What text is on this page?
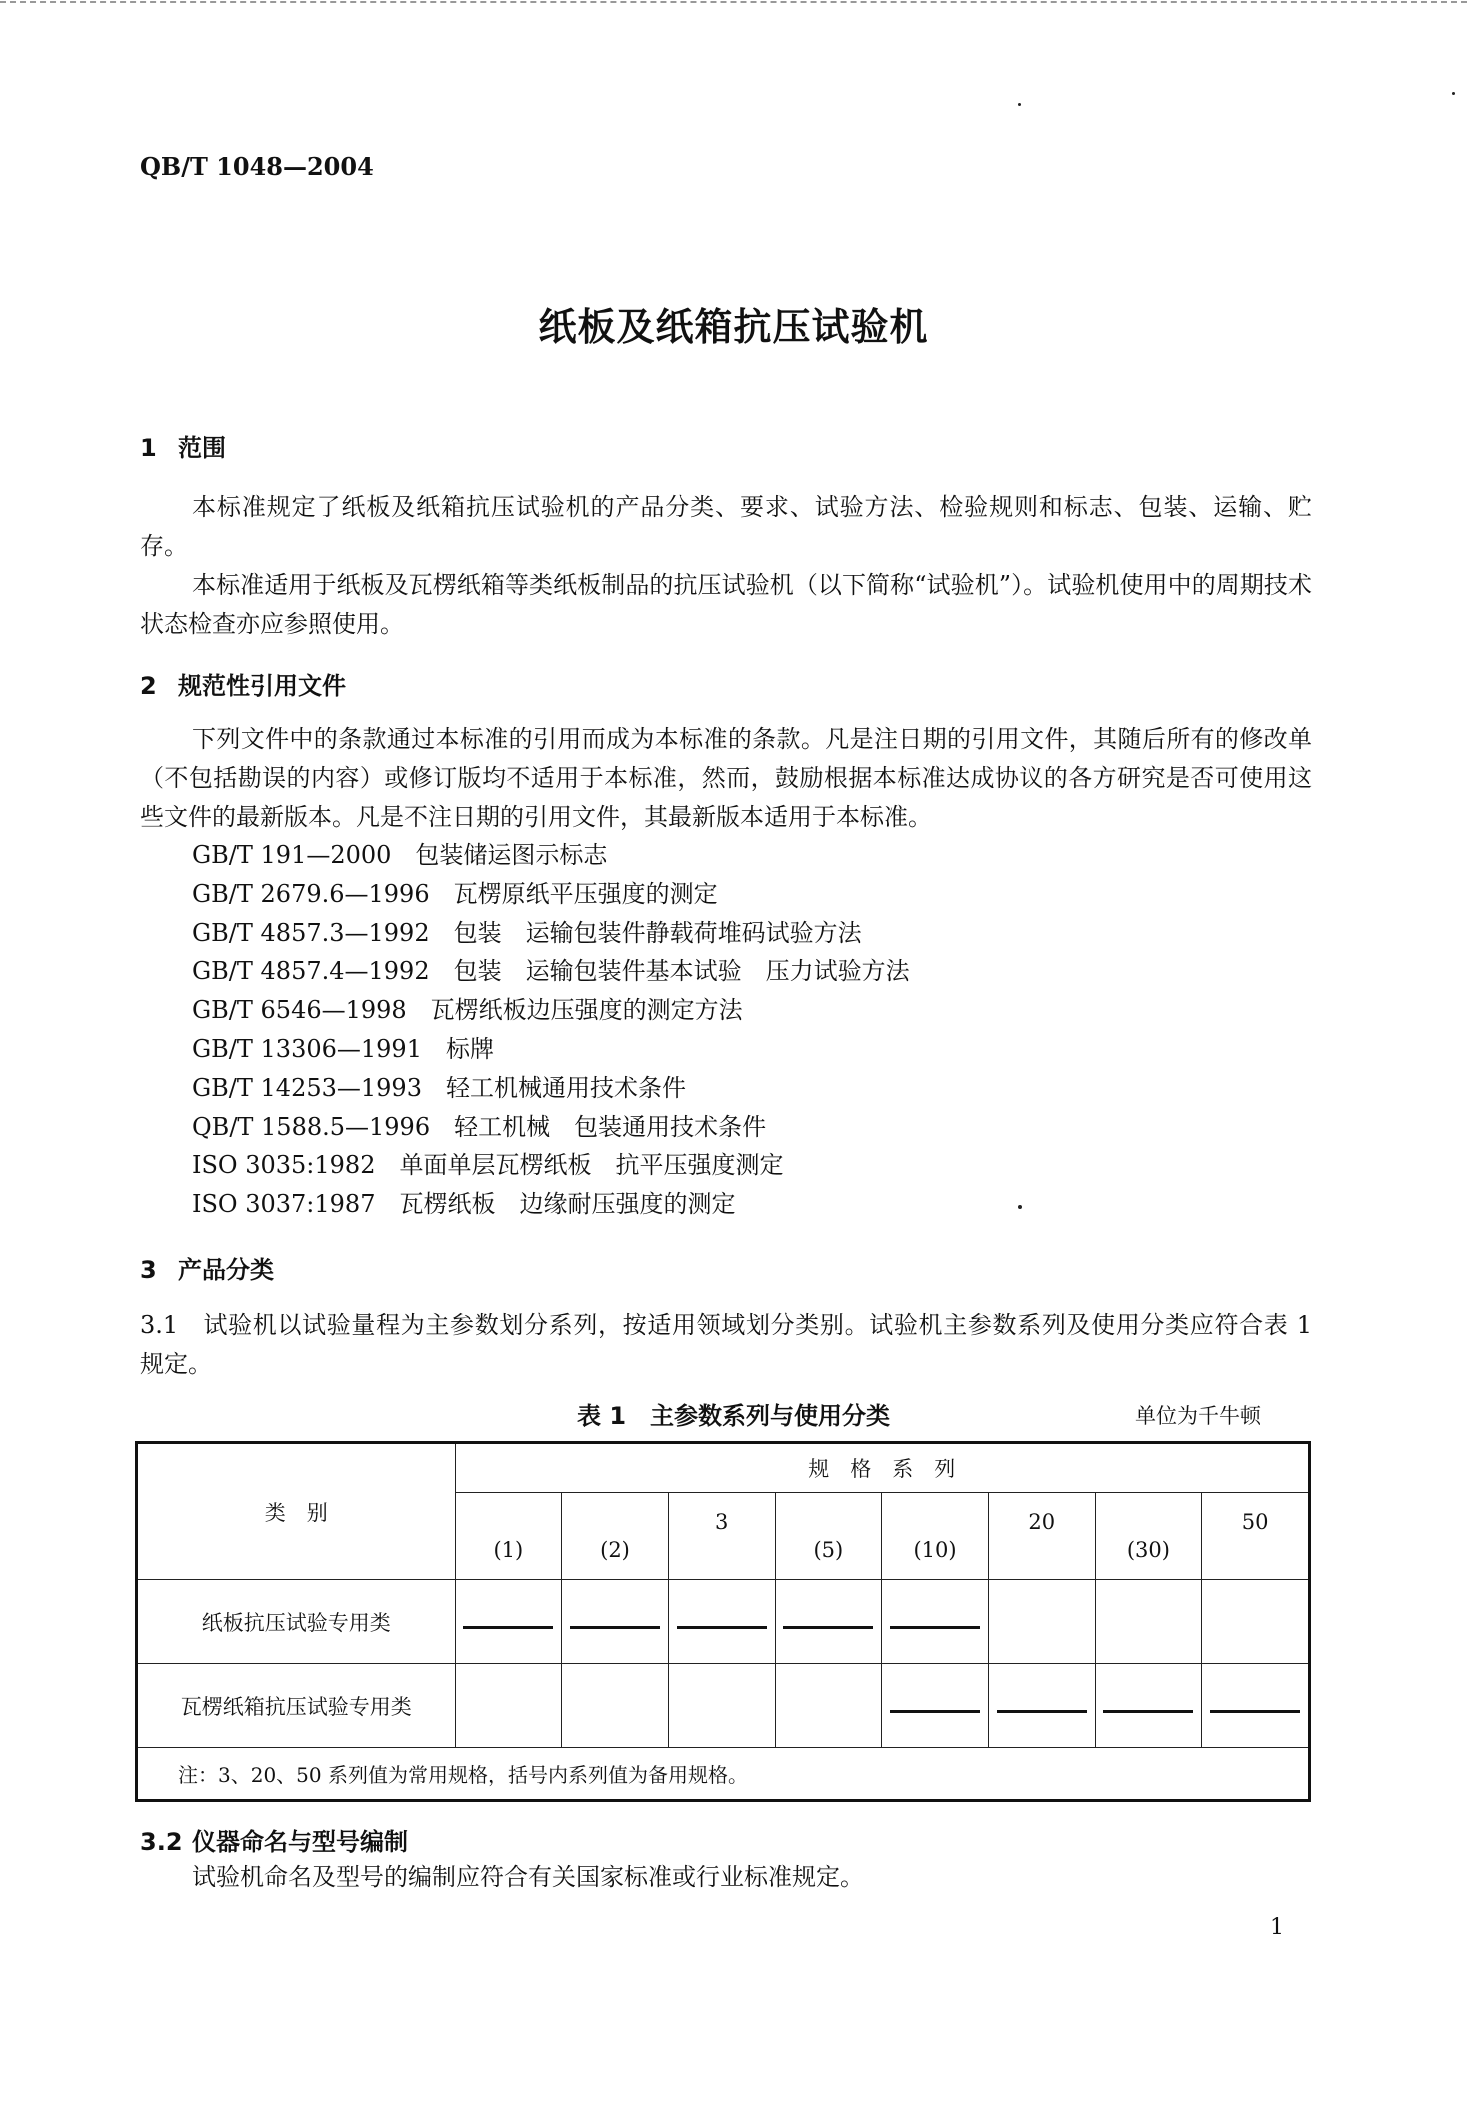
QB/T 1048—2004
纸板及纸箱抗压试验机
1 范围
本标准规定了纸板及纸箱抗压试验机的产品分类、要求、试验方法、检验规则和标志、包装、运输、贮存。
本标准适用于纸板及瓦楞纸箱等类纸板制品的抗压试验机（以下简称“试验机”）。试验机使用中的周期技术状态检查亦应参照使用。
2 规范性引用文件
下列文件中的条款通过本标准的引用而成为本标准的条款。凡是注日期的引用文件，其随后所有的修改单（不包括勘误的内容）或修订版均不适用于本标准，然而，鼓励根据本标准达成协议的各方研究是否可使用这些文件的最新版本。凡是不注日期的引用文件，其最新版本适用于本标准。
GB/T 191—2000　包装储运图示标志
GB/T 2679.6—1996　瓦楞原纸平压强度的测定
GB/T 4857.3—1992　包装　运输包装件静载荷堆码试验方法
GB/T 4857.4—1992　包装　运输包装件基本试验　压力试验方法
GB/T 6546—1998　瓦楞纸板边压强度的测定方法
GB/T 13306—1991　标牌
GB/T 14253—1993　轻工机械通用技术条件
QB/T 1588.5—1996　轻工机械　包装通用技术条件
ISO 3035:1982　单面单层瓦楞纸板　抗平压强度测定
ISO 3037:1987　瓦楞纸板　边缘耐压强度的测定
3 产品分类
3.1　试验机以试验量程为主参数划分系列，按适用领域划分类别。试验机主参数系列及使用分类应符合表 1 规定。
表 1　主参数系列与使用分类	单位为千牛顿
类　别	规　格　系　列							
	(1)	(2)	3	(5)	(10)	20	(30)	50
纸板抗压试验专用类								
瓦楞纸箱抗压试验专用类								
注：3、20、50 系列值为常用规格，括号内系列值为备用规格。								
3.2 仪器命名与型号编制
试验机命名及型号的编制应符合有关国家标准或行业标准规定。
1
